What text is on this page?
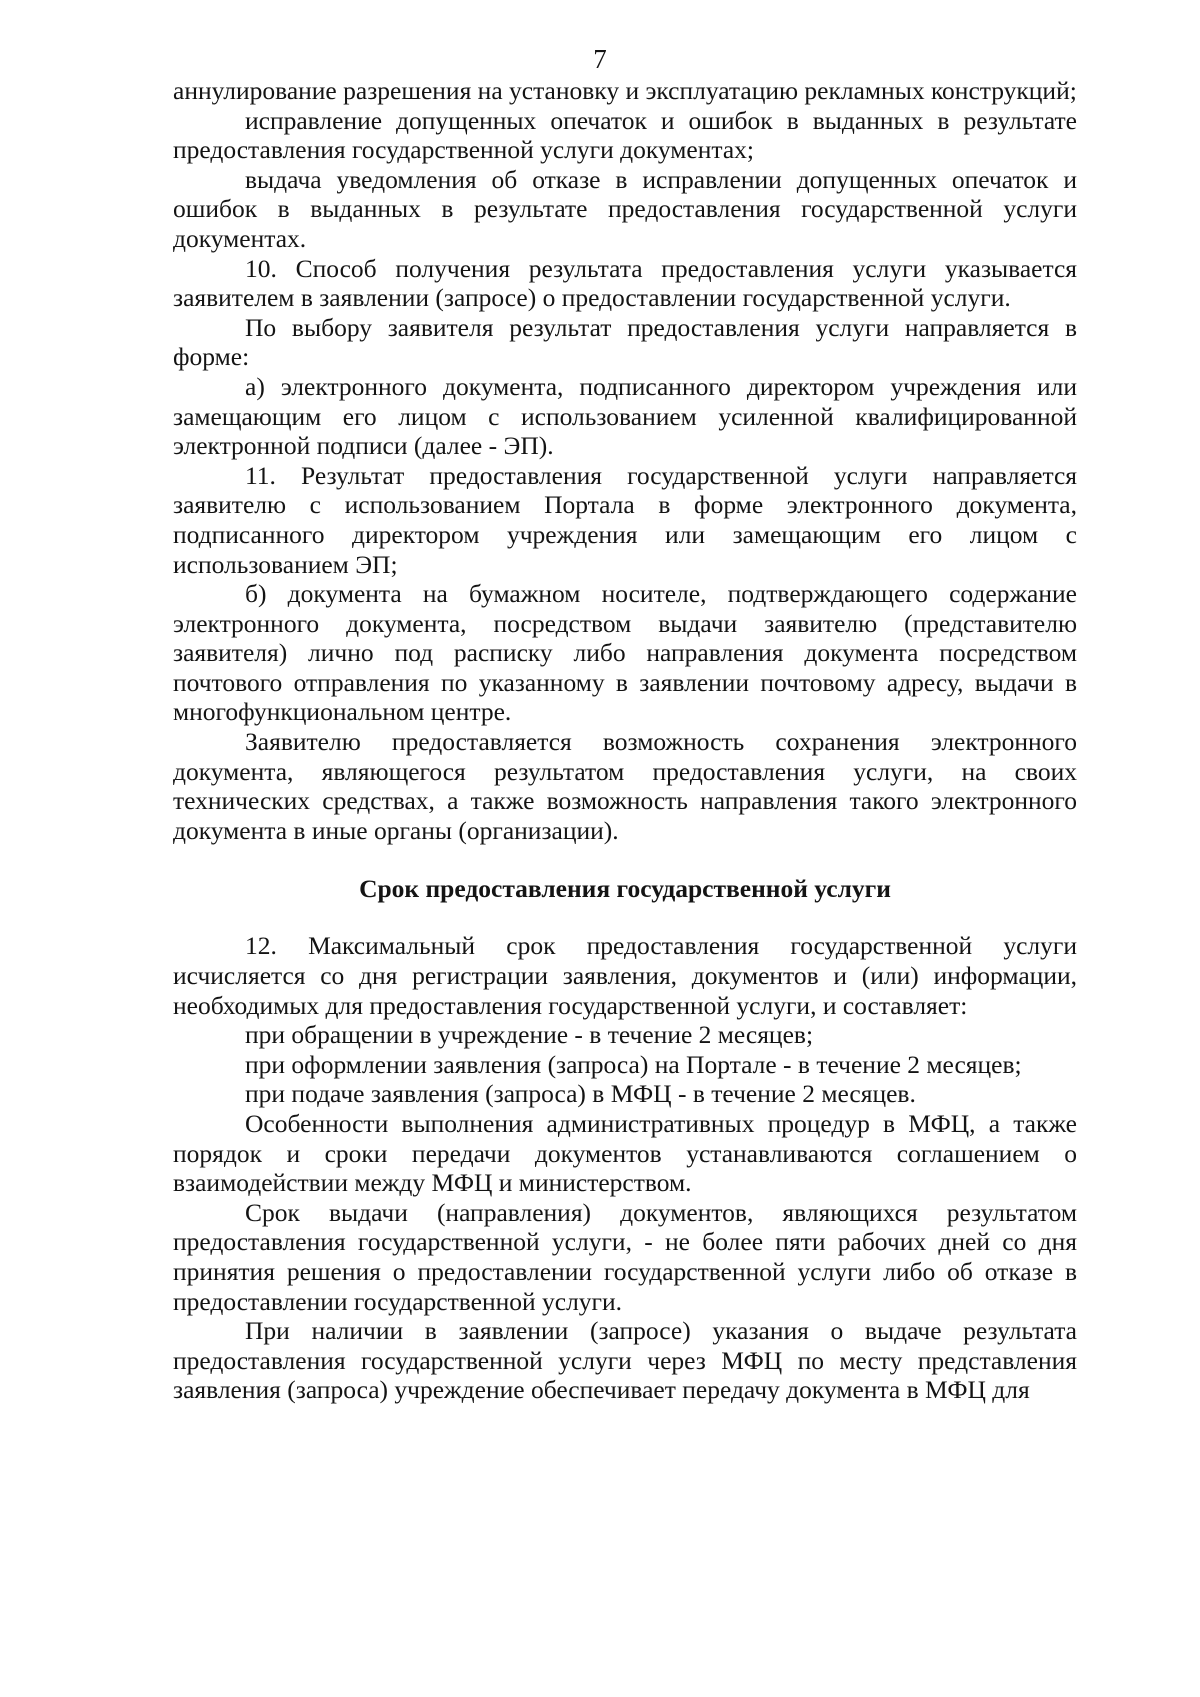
7

аннулирование разрешения на установку и эксплуатацию рекламных конструкций;

исправление допущенных опечаток и ошибок в выданных в результате предоставления государственной услуги документах;

выдача уведомления об отказе в исправлении допущенных опечаток и ошибок в выданных в результате предоставления государственной услуги документах.

10. Способ получения результата предоставления услуги указывается заявителем в заявлении (запросе) о предоставлении государственной услуги.

По выбору заявителя результат предоставления услуги направляется в форме:

а) электронного документа, подписанного директором учреждения или замещающим его лицом с использованием усиленной квалифицированной электронной подписи (далее - ЭП).

11. Результат предоставления государственной услуги направляется заявителю с использованием Портала в форме электронного документа, подписанного директором учреждения или замещающим его лицом с использованием ЭП;

б) документа на бумажном носителе, подтверждающего содержание электронного документа, посредством выдачи заявителю (представителю заявителя) лично под расписку либо направления документа посредством почтового отправления по указанному в заявлении почтовому адресу, выдачи в многофункциональном центре.

Заявителю предоставляется возможность сохранения электронного документа, являющегося результатом предоставления услуги, на своих технических средствах, а также возможность направления такого электронного документа в иные органы (организации).

Срок предоставления государственной услуги

12. Максимальный срок предоставления государственной услуги исчисляется со дня регистрации заявления, документов и (или) информации, необходимых для предоставления государственной услуги, и составляет:

при обращении в учреждение - в течение 2 месяцев;

при оформлении заявления (запроса) на Портале - в течение 2 месяцев;

при подаче заявления (запроса) в МФЦ - в течение 2 месяцев.

Особенности выполнения административных процедур в МФЦ, а также порядок и сроки передачи документов устанавливаются соглашением о взаимодействии между МФЦ и министерством.

Срок выдачи (направления) документов, являющихся результатом предоставления государственной услуги, - не более пяти рабочих дней со дня принятия решения о предоставлении государственной услуги либо об отказе в предоставлении государственной услуги.

При наличии в заявлении (запросе) указания о выдаче результата предоставления государственной услуги через МФЦ по месту представления заявления (запроса) учреждение обеспечивает передачу документа в МФЦ для
